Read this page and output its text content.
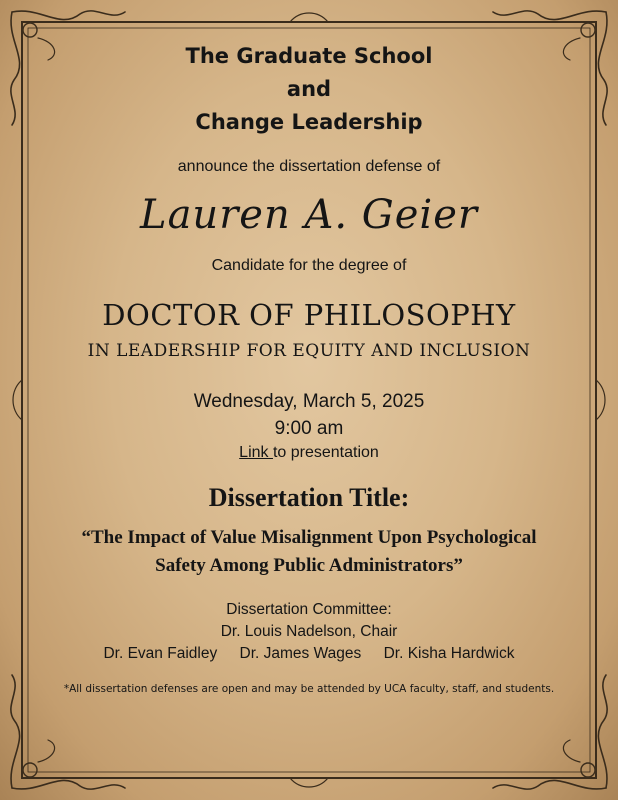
The Graduate School
and
Change Leadership
announce the dissertation defense of
Lauren A. Geier
Candidate for the degree of
DOCTOR OF PHILOSOPHY
IN LEADERSHIP FOR EQUITY AND INCLUSION
Wednesday, March 5, 2025
9:00 am
Link to presentation
Dissertation Title:
“The Impact of Value Misalignment Upon Psychological
Safety Among Public Administrators”
Dissertation Committee:
Dr. Louis Nadelson, Chair
Dr. Evan Faidley Dr. James Wages Dr. Kisha Hardwick
*All dissertation defenses are open and may be attended by UCA faculty, staff, and students.
